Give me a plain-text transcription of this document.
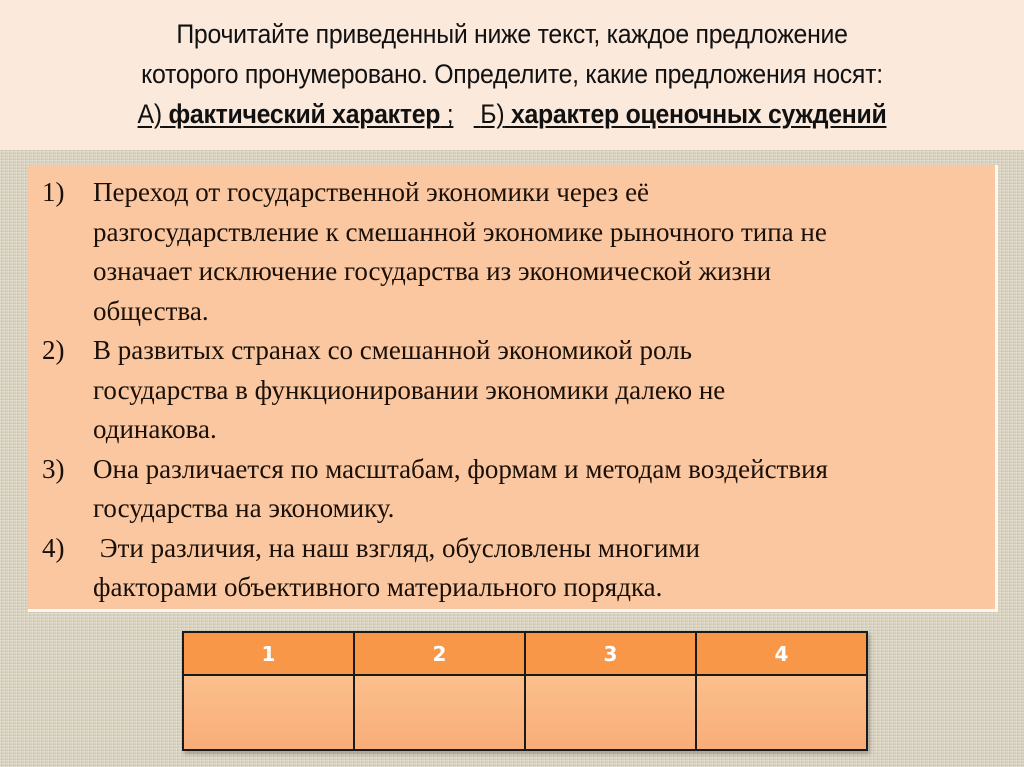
Прочитайте приведенный ниже текст, каждое предложение
которого пронумеровано. Определите, какие предложения носят:
А) фактический характер ; Б) характер оценочных суждений
1) Переход от государственной экономики через её
разгосударствление к смешанной экономике рыночного типа не
означает исключение государства из экономической жизни
общества.
2) В развитых странах со смешанной экономикой роль
государства в функционировании экономики далеко не
одинакова.
3) Она различается по масштабам, формам и методам воздействия
государства на экономику.
4) Эти различия, на наш взгляд, обусловлены многими
факторами объективного материального порядка.
1	2	3	4
